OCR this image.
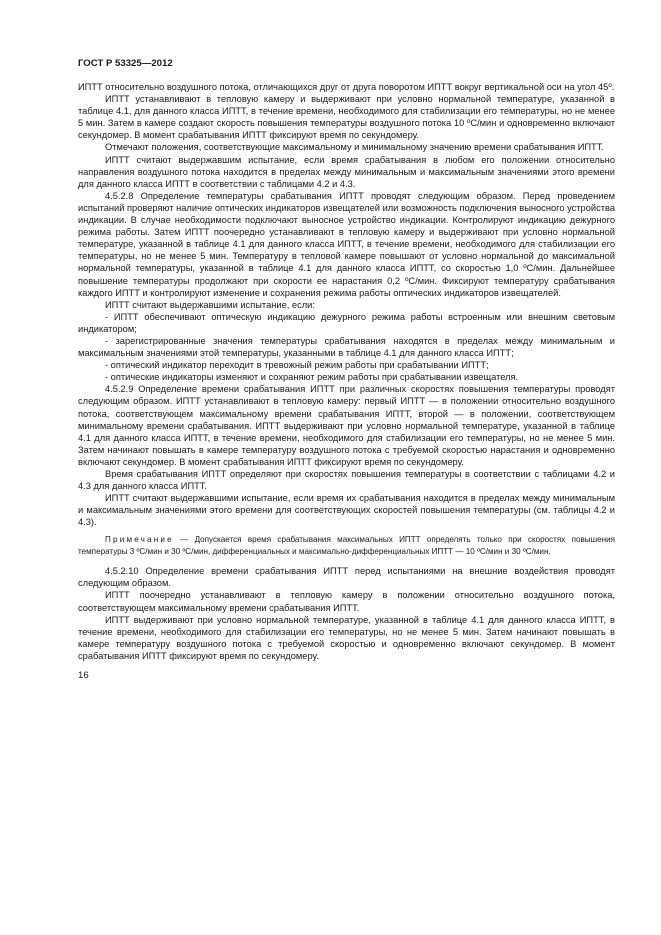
ГОСТ Р 53325—2012

ИПТТ относительно воздушного потока, отличающихся друг от друга поворотом ИПТТ вокруг вертикальной оси на угол 45º.

ИПТТ устанавливают в тепловую камеру и выдерживают при условно нормальной температуре, указанной в таблице 4.1, для данного класса ИПТТ, в течение времени, необходимого для стабилизации его температуры, но не менее 5 мин. Затем в камере создают скорость повышения температуры воздушного потока 10 ºС/мин и одновременно включают секундомер. В момент срабатывания ИПТТ фиксируют время по секундомеру.

Отмечают положения, соответствующие максимальному и минимальному значению времени срабатывания ИПТТ.

ИПТТ считают выдержавшим испытание, если время срабатывания в любом его положении относительно направления воздушного потока находится в пределах между минимальным и максимальным значениями этого времени для данного класса ИПТТ в соответствии с таблицами 4.2 и 4.3.

4.5.2.8 Определение температуры срабатывания ИПТТ проводят следующим образом. Перед проведением испытаний проверяют наличие оптических индикаторов извещателей или возможность подключения выносного устройства индикации. В случае необходимости подключают выносное устройство индикации. Контролируют индикацию дежурного режима работы. Затем ИПТТ поочередно устанавливают в тепловую камеру и выдерживают при условно нормальной температуре, указанной в таблице 4.1 для данного класса ИПТТ, в течение времени, необходимого для стабилизации его температуры, но не менее 5 мин. Температуру в тепловой камере повышают от условно нормальной до максимальной нормальной температуры, указанной в таблице 4.1 для данного класса ИПТТ, со скоростью 1,0 ºС/мин. Дальнейшее повышение температуры продолжают при скорости ее нарастания 0,2 ºС/мин. Фиксируют температуру срабатывания каждого ИПТТ и контролируют изменение и сохранения режима работы оптических индикаторов извещателей.

ИПТТ считают выдержавшими испытание, если:

- ИПТТ обеспечивают оптическую индикацию дежурного режима работы встроенным или внешним световым индикатором;

- зарегистрированные значения температуры срабатывания находятся в пределах между минимальным и максимальным значениями этой температуры, указанными в таблице 4.1 для данного класса ИПТТ;

- оптический индикатор переходит в тревожный режим работы при срабатывании ИПТТ;

- оптические индикаторы изменяют и сохраняют режим работы при срабатывании извещателя.

4.5.2.9 Определение времени срабатывания ИПТТ при различных скоростях повышения температуры проводят следующим образом. ИПТТ устанавливают в тепловую камеру: первый ИПТТ — в положении относительно воздушного потока, соответствующем максимальному времени срабатывания ИПТТ, второй — в положении, соответствующем минимальному времени срабатывания. ИПТТ выдерживают при условно нормальной температуре, указанной в таблице 4.1 для данного класса ИПТТ, в течение времени, необходимого для стабилизации его температуры, но не менее 5 мин. Затем начинают повышать в камере температуру воздушного потока с требуемой скоростью нарастания и одновременно включают секундомер. В момент срабатывания ИПТТ фиксируют время по секундомеру.

Время срабатывания ИПТТ определяют при скоростях повышения температуры в соответствии с таблицами 4.2 и 4.3 для данного класса ИПТТ.

ИПТТ считают выдержавшими испытание, если время их срабатывания находится в пределах между минимальным и максимальным значениями этого времени для соответствующих скоростей повышения температуры (см. таблицы 4.2 и 4.3).

Примечание — Допускается время срабатывания максимальных ИПТТ определять только при скоростях повышения температуры 3 ºС/мин и 30 ºС/мин, дифференциальных и максимально-дифференциальных ИПТТ — 10 ºС/мин и 30 ºС/мин.

4.5.2.10 Определение времени срабатывания ИПТТ перед испытаниями на внешние воздействия проводят следующим образом.

ИПТТ поочередно устанавливают в тепловую камеру в положении относительно воздушного потока, соответствующем максимальному времени срабатывания ИПТТ.

ИПТТ выдерживают при условно нормальной температуре, указанной в таблице 4.1 для данного класса ИПТТ, в течение времени, необходимого для стабилизации его температуры, но не менее 5 мин. Затем начинают повышать в камере температуру воздушного потока с требуемой скоростью и одновременно включают секундомер. В момент срабатывания ИПТТ фиксируют время по секундомеру.

16
